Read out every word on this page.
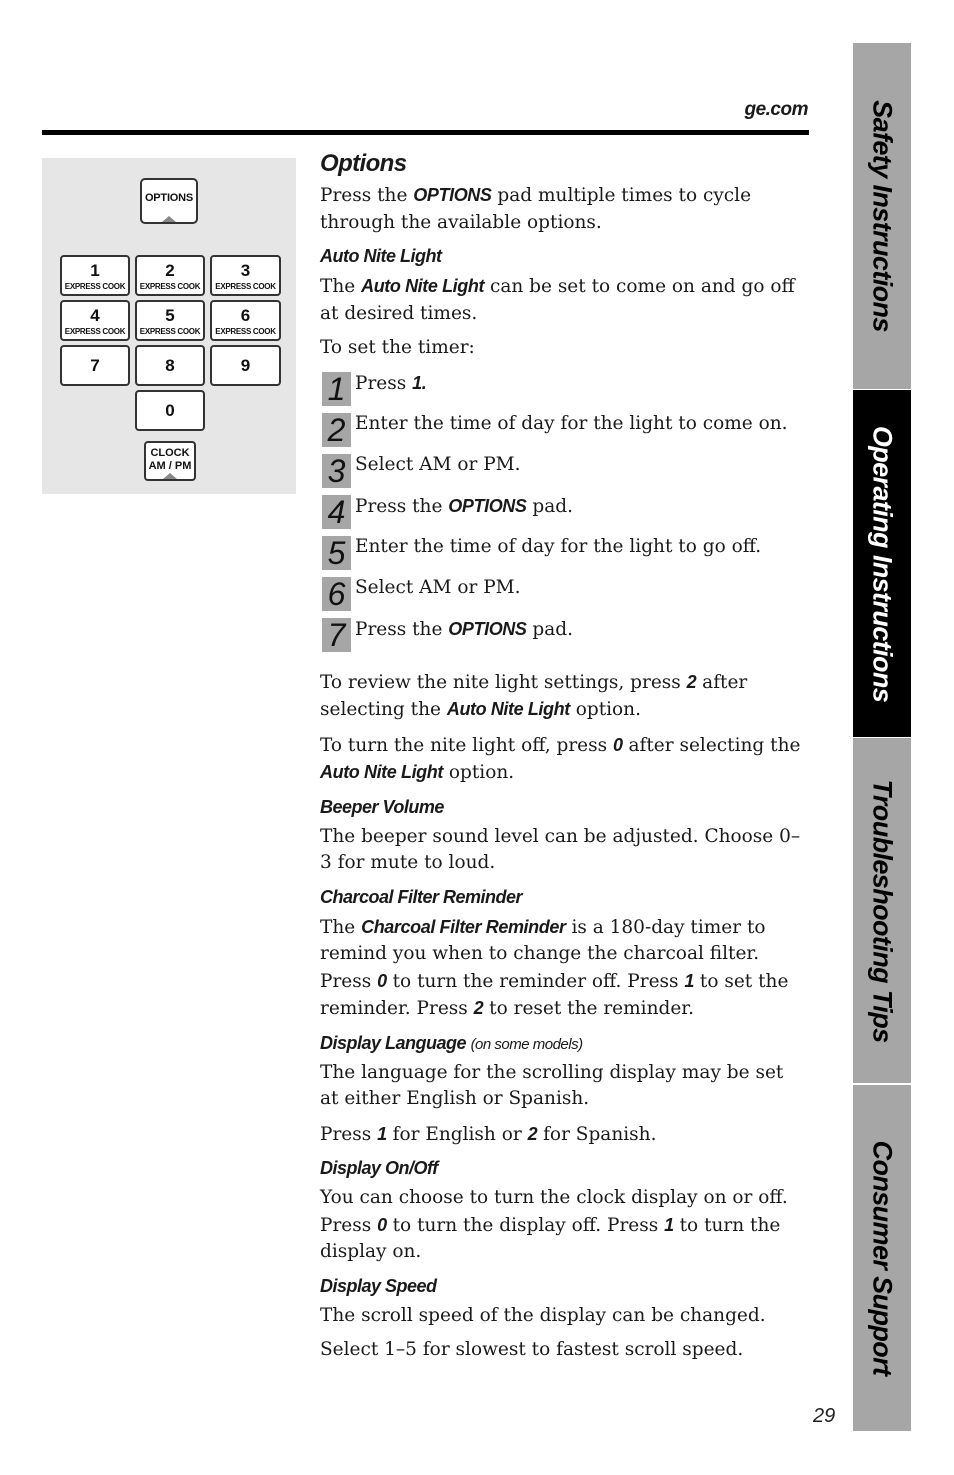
ge.com
OPTIONS
1
EXPRESS COOK
2
EXPRESS COOK
3
EXPRESS COOK
4
EXPRESS COOK
5
EXPRESS COOK
6
EXPRESS COOK
7	8	9
0
CLOCK
AM / PM
Options

Press the OPTIONS pad multiple times to cycle through the available options.

Auto Nite Light

The Auto Nite Light can be set to come on and go off at desired times.

To set the timer:

1 Press 1.
2 Enter the time of day for the light to come on.
3 Select AM or PM.
4 Press the OPTIONS pad.
5 Enter the time of day for the light to go off.
6 Select AM or PM.
7 Press the OPTIONS pad.

To review the nite light settings, press 2 after selecting the Auto Nite Light option.

To turn the nite light off, press 0 after selecting the Auto Nite Light option.

Beeper Volume

The beeper sound level can be adjusted. Choose 0–3 for mute to loud.

Charcoal Filter Reminder

The Charcoal Filter Reminder is a 180-day timer to remind you when to change the charcoal filter. Press 0 to turn the reminder off. Press 1 to set the reminder. Press 2 to reset the reminder.

Display Language (on some models)

The language for the scrolling display may be set at either English or Spanish.

Press 1 for English or 2 for Spanish.

Display On/Off

You can choose to turn the clock display on or off. Press 0 to turn the display off. Press 1 to turn the display on.

Display Speed

The scroll speed of the display can be changed.

Select 1–5 for slowest to fastest scroll speed.

Safety Instructions
Operating Instructions
Troubleshooting Tips
Consumer Support
29
